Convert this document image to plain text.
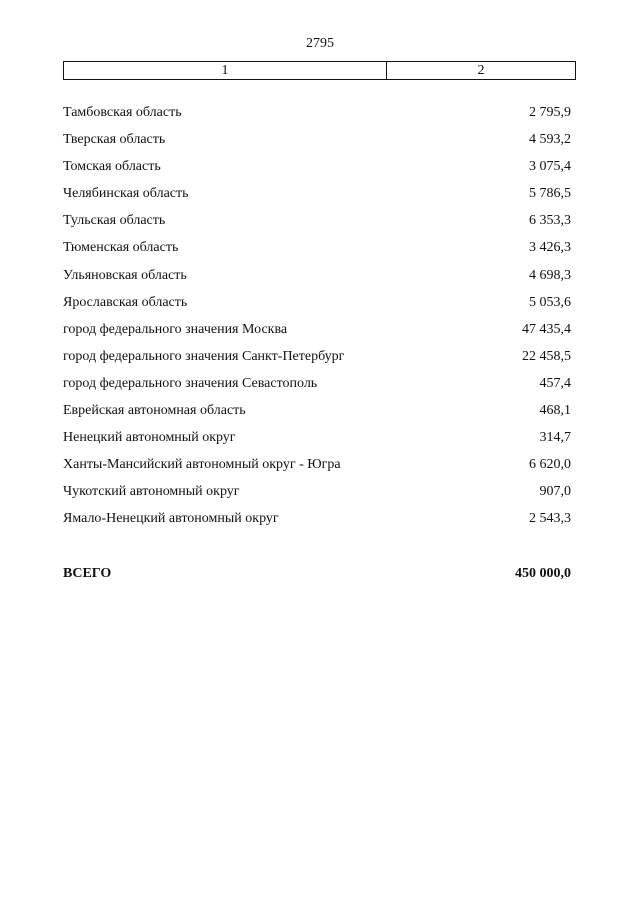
2795
1	2
Тамбовская область	2 795,9
Тверская область	4 593,2
Томская область	3 075,4
Челябинская область	5 786,5
Тульская область	6 353,3
Тюменская область	3 426,3
Ульяновская область	4 698,3
Ярославская область	5 053,6
город федерального значения Москва	47 435,4
город федерального значения Санкт-Петербург	22 458,5
город федерального значения Севастополь	457,4
Еврейская автономная область	468,1
Ненецкий автономный округ	314,7
Ханты-Мансийский автономный округ - Югра	6 620,0
Чукотский автономный округ	907,0
Ямало-Ненецкий автономный округ	2 543,3
ВСЕГО	450 000,0
